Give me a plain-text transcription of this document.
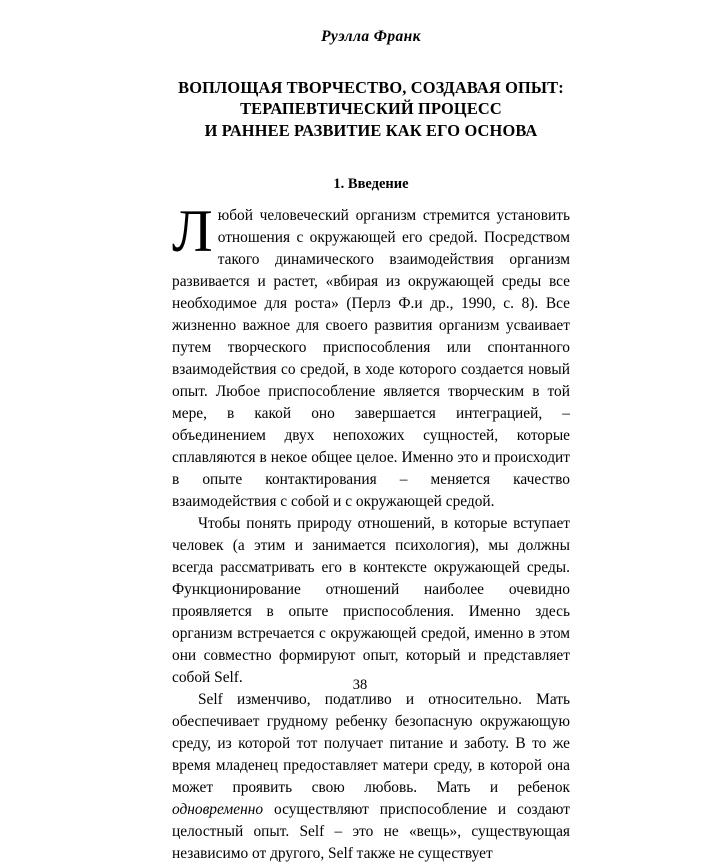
Руэлла Франк
ВОПЛОЩАЯ ТВОРЧЕСТВО, СОЗДАВАЯ ОПЫТ:
ТЕРАПЕВТИЧЕСКИЙ ПРОЦЕСС
И РАННЕЕ РАЗВИТИЕ КАК ЕГО ОСНОВА
1. Введение

Любой человеческий организм стремится установить отношения с окружающей его средой. Посредством такого динамического взаимодействия организм развивается и растет, «вбирая из окружающей среды все необходимое для роста» (Перлз Ф.и др., 1990, с. 8). Все жизненно важное для своего развития организм усваивает путем творческого приспособления или спонтанного взаимодействия со средой, в ходе которого создается новый опыт. Любое приспособление является творческим в той мере, в какой оно завершается интеграцией, – объединением двух непохожих сущностей, которые сплавляются в некое общее целое. Именно это и происходит в опыте контактирования – меняется качество взаимодействия с собой и с окружающей средой.

Чтобы понять природу отношений, в которые вступает человек (а этим и занимается психология), мы должны всегда рассматривать его в контексте окружающей среды. Функционирование отношений наиболее очевидно проявляется в опыте приспособления. Именно здесь организм встречается с окружающей средой, именно в этом они совместно формируют опыт, который и представляет собой Self.

Self изменчиво, податливо и относительно. Мать обеспечивает грудному ребенку безопасную окружающую среду, из которой тот получает питание и заботу. В то же время младенец предоставляет матери среду, в которой она может проявить свою любовь. Мать и ребенок одновременно осуществляют приспособление и создают целостный опыт. Self – это не «вещь», существующая независимо от другого, Self также не существует

38
